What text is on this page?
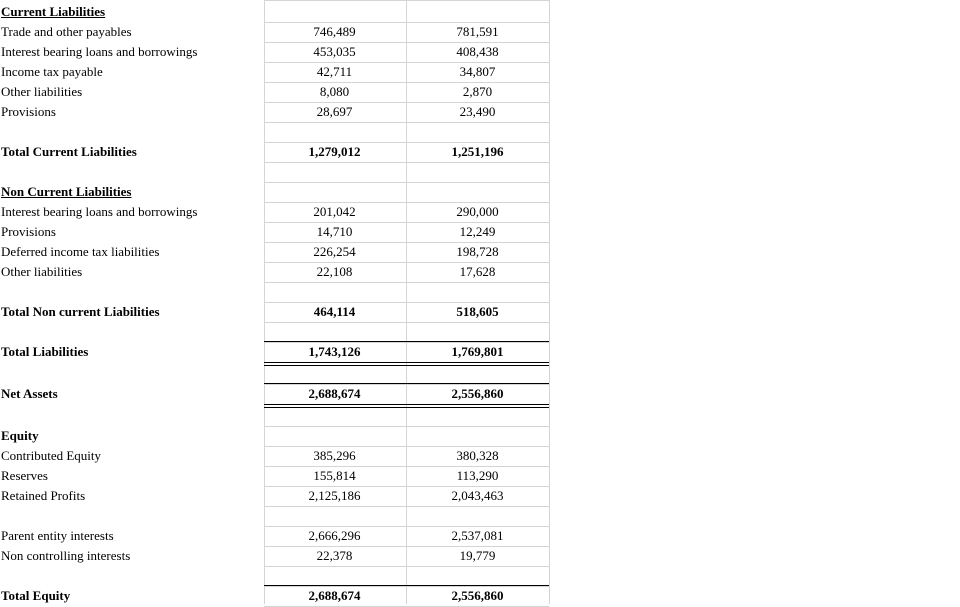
Current Liabilities
Trade and other payables	746,489	781,591
Interest bearing loans and borrowings	453,035	408,438
Income tax payable	42,711	34,807
Other liabilities	8,080	2,870
Provisions	28,697	23,490
Total Current Liabilities	1,279,012	1,251,196
Non Current Liabilities
Interest bearing loans and borrowings	201,042	290,000
Provisions	14,710	12,249
Deferred income tax liabilities	226,254	198,728
Other liabilities	22,108	17,628
Total Non current Liabilities	464,114	518,605
Total Liabilities	1,743,126	1,769,801
Net Assets	2,688,674	2,556,860
Equity
Contributed Equity	385,296	380,328
Reserves	155,814	113,290
Retained Profits	2,125,186	2,043,463
Parent entity interests	2,666,296	2,537,081
Non controlling interests	22,378	19,779
Total Equity	2,688,674	2,556,860
